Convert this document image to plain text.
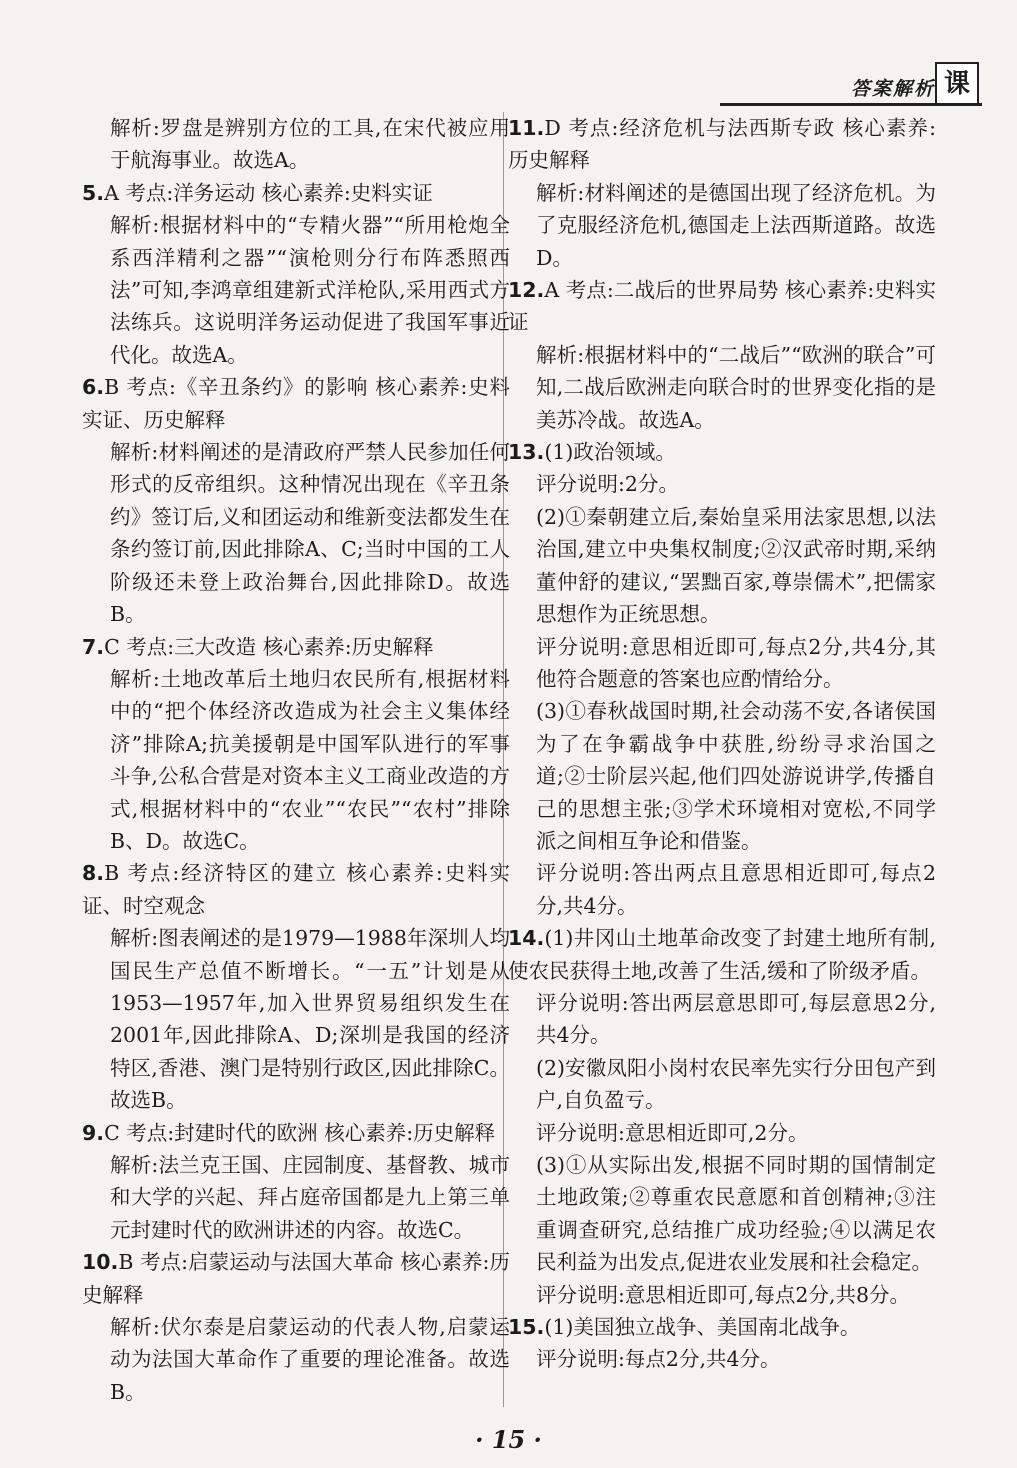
答案解析 课

解析:罗盘是辨别方位的工具,在宋代被应用于航海事业。故选A。

5.A 考点:洋务运动 核心素养:史料实证

解析:根据材料中的“专精火器”“所用枪炮全系西洋精利之器”“演枪则分行布阵悉照西法”可知,李鸿章组建新式洋枪队,采用西式方法练兵。这说明洋务运动促进了我国军事近代化。故选A。

6.B 考点:《辛丑条约》的影响 核心素养:史料实证、历史解释

解析:材料阐述的是清政府严禁人民参加任何形式的反帝组织。这种情况出现在《辛丑条约》签订后,义和团运动和维新变法都发生在条约签订前,因此排除A、C;当时中国的工人阶级还未登上政治舞台,因此排除D。故选B。

7.C 考点:三大改造 核心素养:历史解释

解析:土地改革后土地归农民所有,根据材料中的“把个体经济改造成为社会主义集体经济”排除A;抗美援朝是中国军队进行的军事斗争,公私合营是对资本主义工商业改造的方式,根据材料中的“农业”“农民”“农村”排除B、D。故选C。

8.B 考点:经济特区的建立 核心素养:史料实证、时空观念

解析:图表阐述的是1979—1988年深圳人均国民生产总值不断增长。“一五”计划是从1953—1957年,加入世界贸易组织发生在2001年,因此排除A、D;深圳是我国的经济特区,香港、澳门是特别行政区,因此排除C。故选B。

9.C 考点:封建时代的欧洲 核心素养:历史解释

解析:法兰克王国、庄园制度、基督教、城市和大学的兴起、拜占庭帝国都是九上第三单元封建时代的欧洲讲述的内容。故选C。

10.B 考点:启蒙运动与法国大革命 核心素养:历史解释

解析:伏尔泰是启蒙运动的代表人物,启蒙运动为法国大革命作了重要的理论准备。故选B。

11.D 考点:经济危机与法西斯专政 核心素养:历史解释

解析:材料阐述的是德国出现了经济危机。为了克服经济危机,德国走上法西斯道路。故选D。

12.A 考点:二战后的世界局势 核心素养:史料实证

解析:根据材料中的“二战后”“欧洲的联合”可知,二战后欧洲走向联合时的世界变化指的是美苏冷战。故选A。

13.(1)政治领域。

评分说明:2分。

(2)①秦朝建立后,秦始皇采用法家思想,以法治国,建立中央集权制度;②汉武帝时期,采纳董仲舒的建议,“罢黜百家,尊崇儒术”,把儒家思想作为正统思想。

评分说明:意思相近即可,每点2分,共4分,其他符合题意的答案也应酌情给分。

(3)①春秋战国时期,社会动荡不安,各诸侯国为了在争霸战争中获胜,纷纷寻求治国之道;②士阶层兴起,他们四处游说讲学,传播自己的思想主张;③学术环境相对宽松,不同学派之间相互争论和借鉴。

评分说明:答出两点且意思相近即可,每点2分,共4分。

14.(1)井冈山土地革命改变了封建土地所有制,使农民获得土地,改善了生活,缓和了阶级矛盾。

评分说明:答出两层意思即可,每层意思2分,共4分。

(2)安徽凤阳小岗村农民率先实行分田包产到户,自负盈亏。

评分说明:意思相近即可,2分。

(3)①从实际出发,根据不同时期的国情制定土地政策;②尊重农民意愿和首创精神;③注重调查研究,总结推广成功经验;④以满足农民利益为出发点,促进农业发展和社会稳定。

评分说明:意思相近即可,每点2分,共8分。

15.(1)美国独立战争、美国南北战争。

评分说明:每点2分,共4分。

· 15 ·
